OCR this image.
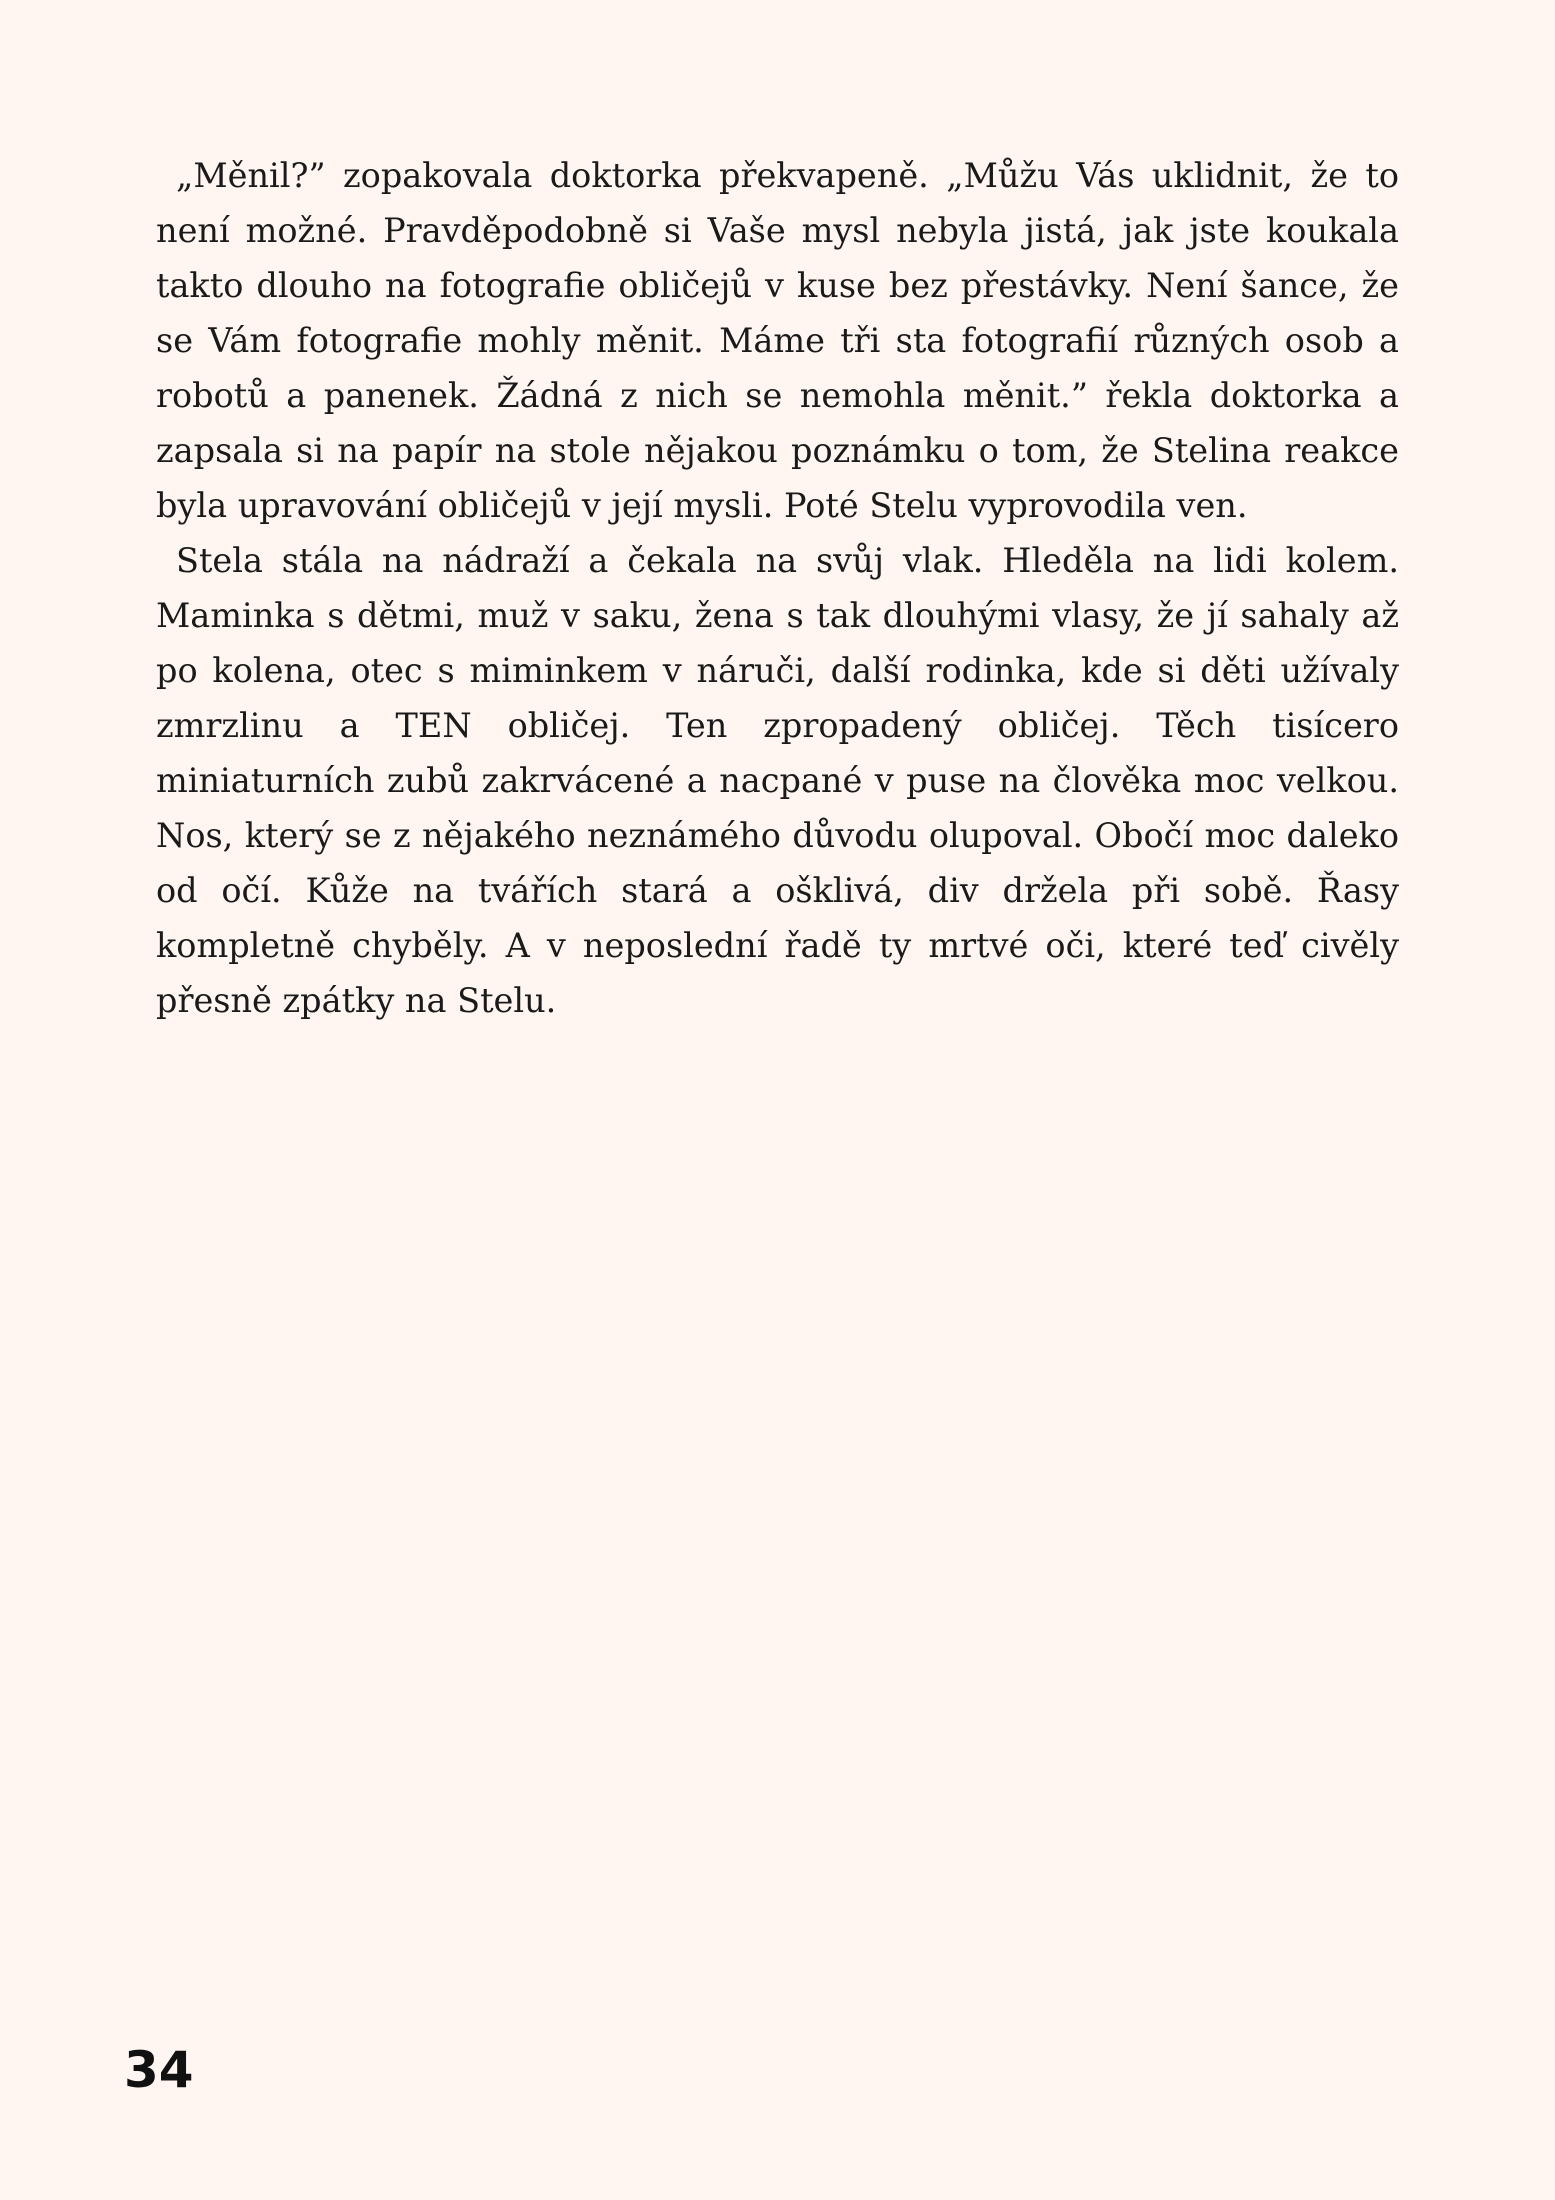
„Měnil?” zopakovala doktorka překvapeně. „Můžu Vás uklidnit, že to není možné. Pravděpodobně si Vaše mysl nebyla jistá, jak jste koukala takto dlouho na fotografie obličejů v kuse bez přestávky. Není šance, že se Vám fotografie mohly měnit. Máme tři sta fotografií různých osob a robotů a panenek. Žádná z nich se nemohla měnit.” řekla doktorka a zapsala si na papír na stole nějakou poznámku o tom, že Stelina reakce byla upravování obličejů v její mysli. Poté Stelu vyprovodila ven.

Stela stála na nádraží a čekala na svůj vlak. Hleděla na lidi kolem. Maminka s dětmi, muž v saku, žena s tak dlouhými vlasy, že jí sahaly až po kolena, otec s miminkem v náruči, další rodinka, kde si děti užívaly zmrzlinu a TEN obličej. Ten zpropadený obličej. Těch tisícero miniaturních zubů zakrvácené a nacpané v puse na člověka moc velkou. Nos, který se z nějakého neznámého důvodu olupoval. Obočí moc daleko od očí. Kůže na tvářích stará a ošklivá, div držela při sobě. Řasy kompletně chyběly. A v neposlední řadě ty mrtvé oči, které teď civěly přesně zpátky na Stelu.

34
